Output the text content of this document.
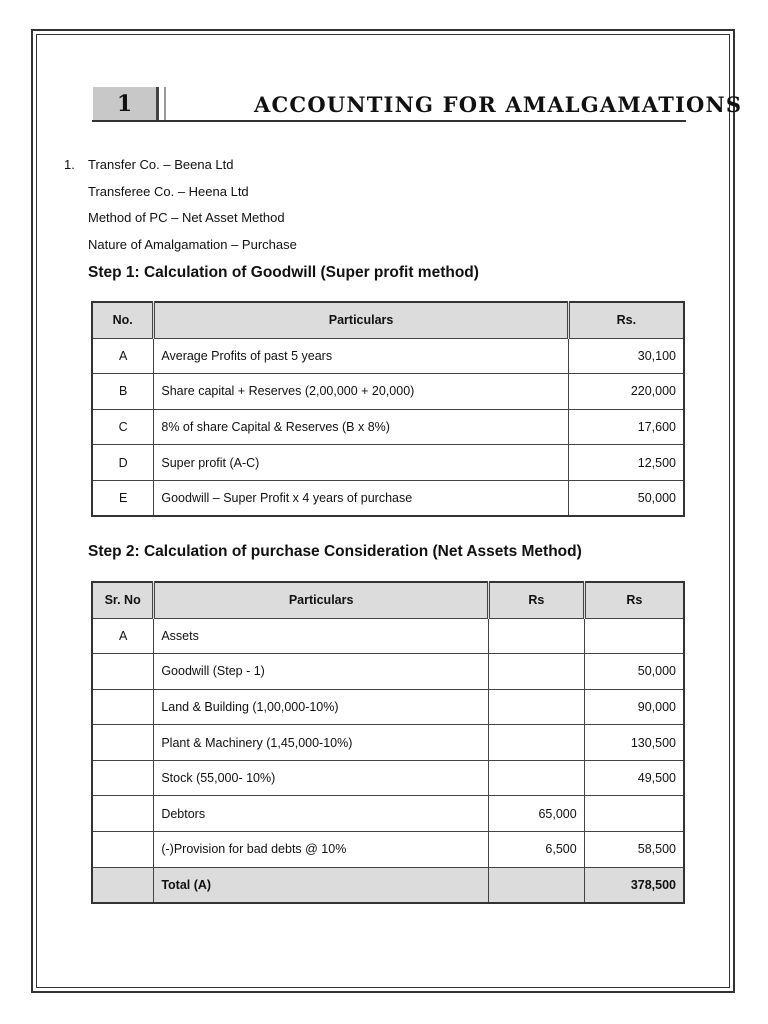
1	ACCOUNTING FOR AMALGAMATIONS
1.	Transfer Co. – Beena Ltd
Transferee Co. – Heena Ltd
Method of PC – Net Asset Method
Nature of Amalgamation – Purchase
Step 1: Calculation of Goodwill (Super profit method)
No.	Particulars	Rs.
A	Average Profits of past 5 years	30,100
B	Share capital + Reserves (2,00,000 + 20,000)	220,000
C	8% of share Capital & Reserves (B x 8%)	17,600
D	Super profit (A-C)	12,500
E	Goodwill – Super Profit x 4 years of purchase	50,000
Step 2: Calculation of purchase Consideration (Net Assets Method)
Sr. No	Particulars	Rs	Rs
A	Assets		
	Goodwill (Step - 1)		50,000
	Land & Building (1,00,000-10%)		90,000
	Plant & Machinery (1,45,000-10%)		130,500
	Stock (55,000- 10%)		49,500
	Debtors	65,000	
	(-)Provision for bad debts @ 10%	6,500	58,500
	Total (A)		378,500
